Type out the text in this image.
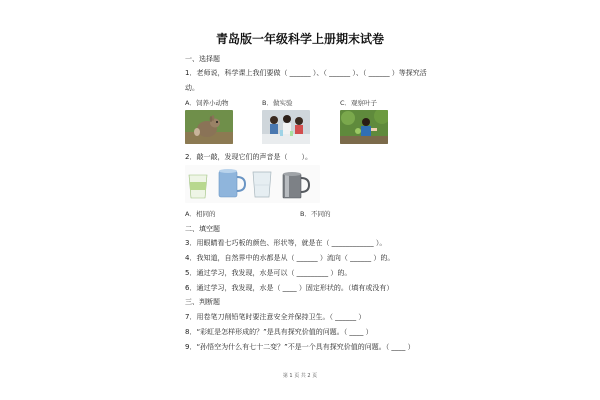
青岛版一年级科学上册期末试卷
一、选择题
1．老师说，科学课上我们要做（ ______ ）、（ ______ ）、（ ______ ）等探究活
动。
A．饲养小动物	B．做实验	C．观察叶子
2．敲一敲，发现它们的声音是（　　）。
A．相同的	B．不同的
二、填空题
3．用眼睛看七巧板的颜色、形状等，就是在（ ____________ ）。
4．我知道，自然界中的水都是从（ ______ ）流向（ ______ ）的。
5．通过学习，我发现，水是可以（ _________ ）的。
6．通过学习，我发现，水是（ ____ ）固定形状的。（填有或没有）
三、判断题
7．用卷笔刀削铅笔时要注意安全并保持卫生。（ ______ ）
8．“彩虹是怎样形成的？”是具有探究价值的问题。（ ____ ）
9．“孙悟空为什么有七十二变？”不是一个具有探究价值的问题。（ ____ ）
第 1 页 共 2 页
